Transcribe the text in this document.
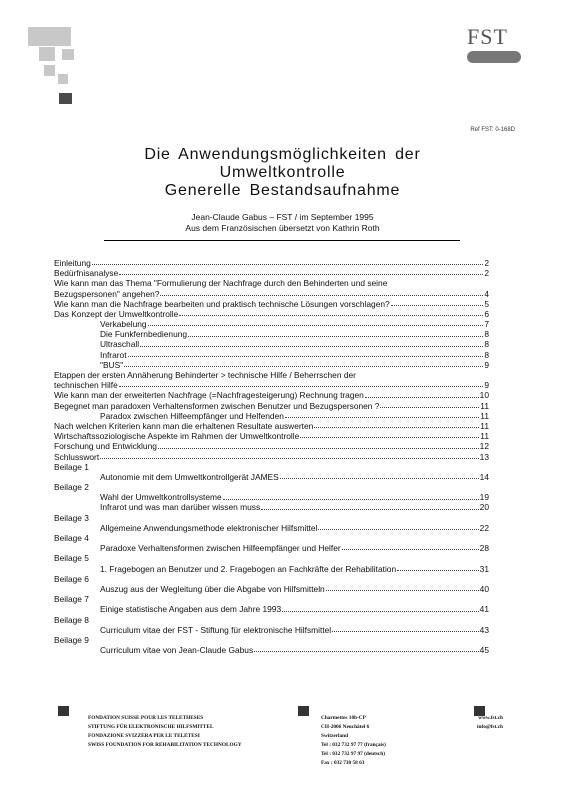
FST
Ref FST: 0-168D
Die Anwendungsmöglichkeiten der
Umweltkontrolle
Generelle Bestandsaufnahme
Jean-Claude Gabus – FST / im September 1995
Aus dem Französischen übersetzt von Kathrin Roth
Einleitung	2
Bedürfnisanalyse	2
Wie kann man das Thema "Formulierung der Nachfrage durch den Behinderten und seine
Bezugspersonen" angehen?	4
Wie kann man die Nachfrage bearbeiten und praktisch technische Lösungen vorschlagen?	5
Das Konzept der Umweltkontrolle	6
Verkabelung	7
Die Funkfernbedienung	8
Ultraschall	8
Infrarot	8
"BUS"	9
Etappen der ersten Annäherung Behinderter > technische Hilfe / Beherrschen der
technischen Hilfe	9
Wie kann man der erweiterten Nachfrage (=Nachfragesteigerung) Rechnung tragen	10
Begegnet man paradoxen Verhaltensformen zwischen Benutzer und Bezugspersonen ?	11
Paradox zwischen Hilfeempfänger und Helfenden	11
Nach welchen Kriterien kann man die erhaltenen Resultate auswerten	11
Wirtschaftssoziologische Aspekte im Rahmen der Umweltkontrolle	11
Forschung und Entwicklung	12
Schlusswort	13
Beilage 1
Autonomie mit dem Umweltkontrollgerät JAMES	14
Beilage 2
Wahl der Umweltkontrollsysteme	19
Infrarot und was man darüber wissen muss	20
Beilage 3
Allgemeine Anwendungsmethode elektronischer Hilfsmittel	22
Beilage 4
Paradoxe Verhaltensformen zwischen Hilfeempfänger und Helfer	28
Beilage 5
1. Fragebogen an Benutzer und 2. Fragebogen an Fachkräfte der Rehabilitation	31
Beilage 6
Auszug aus der Wegleitung über die Abgabe von Hilfsmitteln	40
Beilage 7
Einige statistische Angaben aus dem Jahre 1993	41
Beilage 8
Curriculum vitae der FST - Stiftung für elektronische Hilfsmittel	43
Beilage 9
Curriculum vitae von Jean-Claude Gabus	45
FONDATION SUISSE POUR LES TELETHESES
STIFTUNG FÜR ELEKTRONISCHE HILFSMITTEL
FONDAZIONE SVIZZERA PER LE TELETESI
SWISS FOUNDATION FOR REHABILITATION TECHNOLOGY
Charmettes 10b-CP
CH-2006 Neuchâtel 6
Switzerland
Tel : 032 732 97 77 (français)
Tel : 032 732 97 97 (deutsch)
Fax : 032 730 58 63
www.fst.ch
info@fst.ch
